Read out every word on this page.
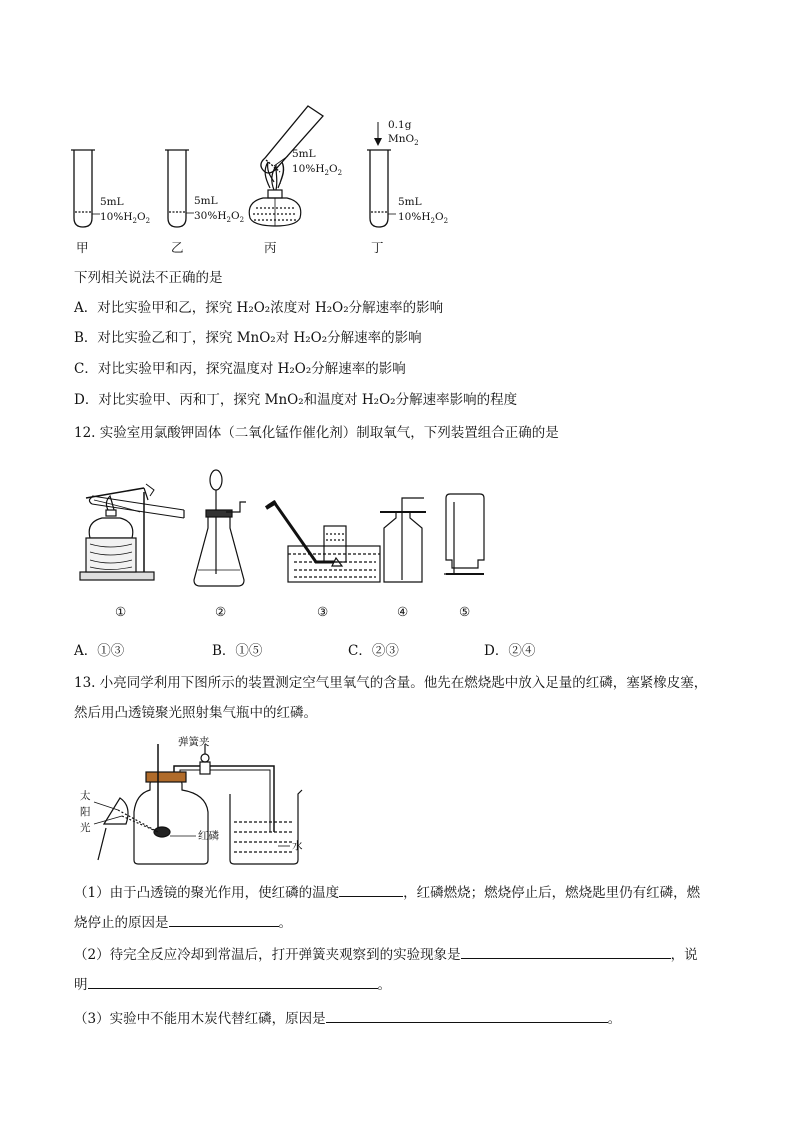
5mL
$10\%H_2O_2$
甲
5mL
$30\%H_2O_2$
乙
5mL
$10\%H_2O_2$
丙
0.1g
MnO$_2$
5mL
$10\%H_2O_2$
丁
下列相关说法不正确的是
A．对比实验甲和乙，探究 H₂O₂浓度对 H₂O₂分解速率的影响
B．对比实验乙和丁，探究 MnO₂对 H₂O₂分解速率的影响
C．对比实验甲和丙，探究温度对 H₂O₂分解速率的影响
D．对比实验甲、丙和丁，探究 MnO₂和温度对 H₂O₂分解速率影响的程度
12. 实验室用氯酸钾固体（二氧化锰作催化剂）制取氧气，下列装置组合正确的是
①	②	③	④	⑤
A．①③	B．①⑤	C．②③	D．②④
13. 小亮同学利用下图所示的装置测定空气里氧气的含量。他先在燃烧匙中放入足量的红磷，塞紧橡皮塞，
然后用凸透镜聚光照射集气瓶中的红磷。
弹簧夹
太
阳
光
红磷
水
（1）由于凸透镜的聚光作用，使红磷的温度	，红磷燃烧；燃烧停止后，燃烧匙里仍有红磷，燃
烧停止的原因是	。
（2）待完全反应冷却到常温后，打开弹簧夹观察到的实验现象是	，说
明	。
（3）实验中不能用木炭代替红磷，原因是	。
